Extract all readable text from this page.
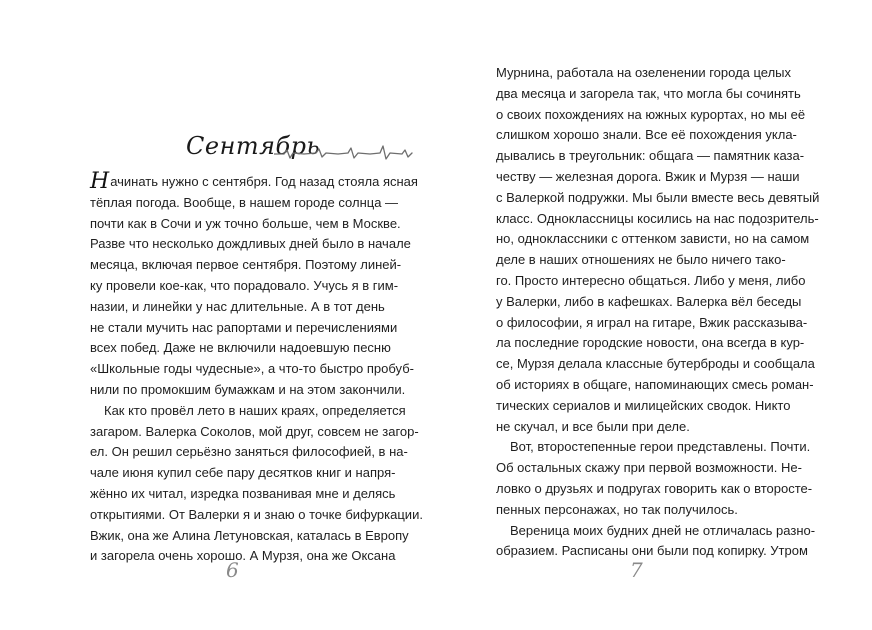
Сентябрь
Начинать нужно с сентября. Год назад стояла ясная
тёплая погода. Вообще, в нашем городе солнца —
почти как в Сочи и уж точно больше, чем в Москве.
Разве что несколько дождливых дней было в начале
месяца, включая первое сентября. Поэтому линей-
ку провели кое-как, что порадовало. Учусь я в гим-
назии, и линейки у нас длительные. А в тот день
не стали мучить нас рапортами и перечислениями
всех побед. Даже не включили надоевшую песню
«Школьные годы чудесные», а что-то быстро пробуб-
нили по промокшим бумажкам и на этом закончили.
Как кто провёл лето в наших краях, определяется
загаром. Валерка Соколов, мой друг, совсем не загор-
ел. Он решил серьёзно заняться философией, в на-
чале июня купил себе пару десятков книг и напря-
жённо их читал, изредка позванивая мне и делясь
открытиями. От Валерки я и знаю о точке бифуркации.
Вжик, она же Алина Летуновская, каталась в Европу
и загорела очень хорошо. А Мурзя, она же Оксана
6
Мурнина, работала на озеленении города целых
два месяца и загорела так, что могла бы сочинять
о своих похождениях на южных курортах, но мы её
слишком хорошо знали. Все её похождения укла-
дывались в треугольник: общага — памятник каза-
честву — железная дорога. Вжик и Мурзя — наши
с Валеркой подружки. Мы были вместе весь девятый
класс. Одноклассницы косились на нас подозритель-
но, одноклассники с оттенком зависти, но на самом
деле в наших отношениях не было ничего тако-
го. Просто интересно общаться. Либо у меня, либо
у Валерки, либо в кафешках. Валерка вёл беседы
о философии, я играл на гитаре, Вжик рассказыва-
ла последние городские новости, она всегда в кур-
се, Мурзя делала классные бутерброды и сообщала
об историях в общаге, напоминающих смесь роман-
тических сериалов и милицейских сводок. Никто
не скучал, и все были при деле.
Вот, второстепенные герои представлены. Почти.
Об остальных скажу при первой возможности. Не-
ловко о друзьях и подругах говорить как о второсте-
пенных персонажах, но так получилось.
Вереница моих будних дней не отличалась разно-
образием. Расписаны они были под копирку. Утром
7
